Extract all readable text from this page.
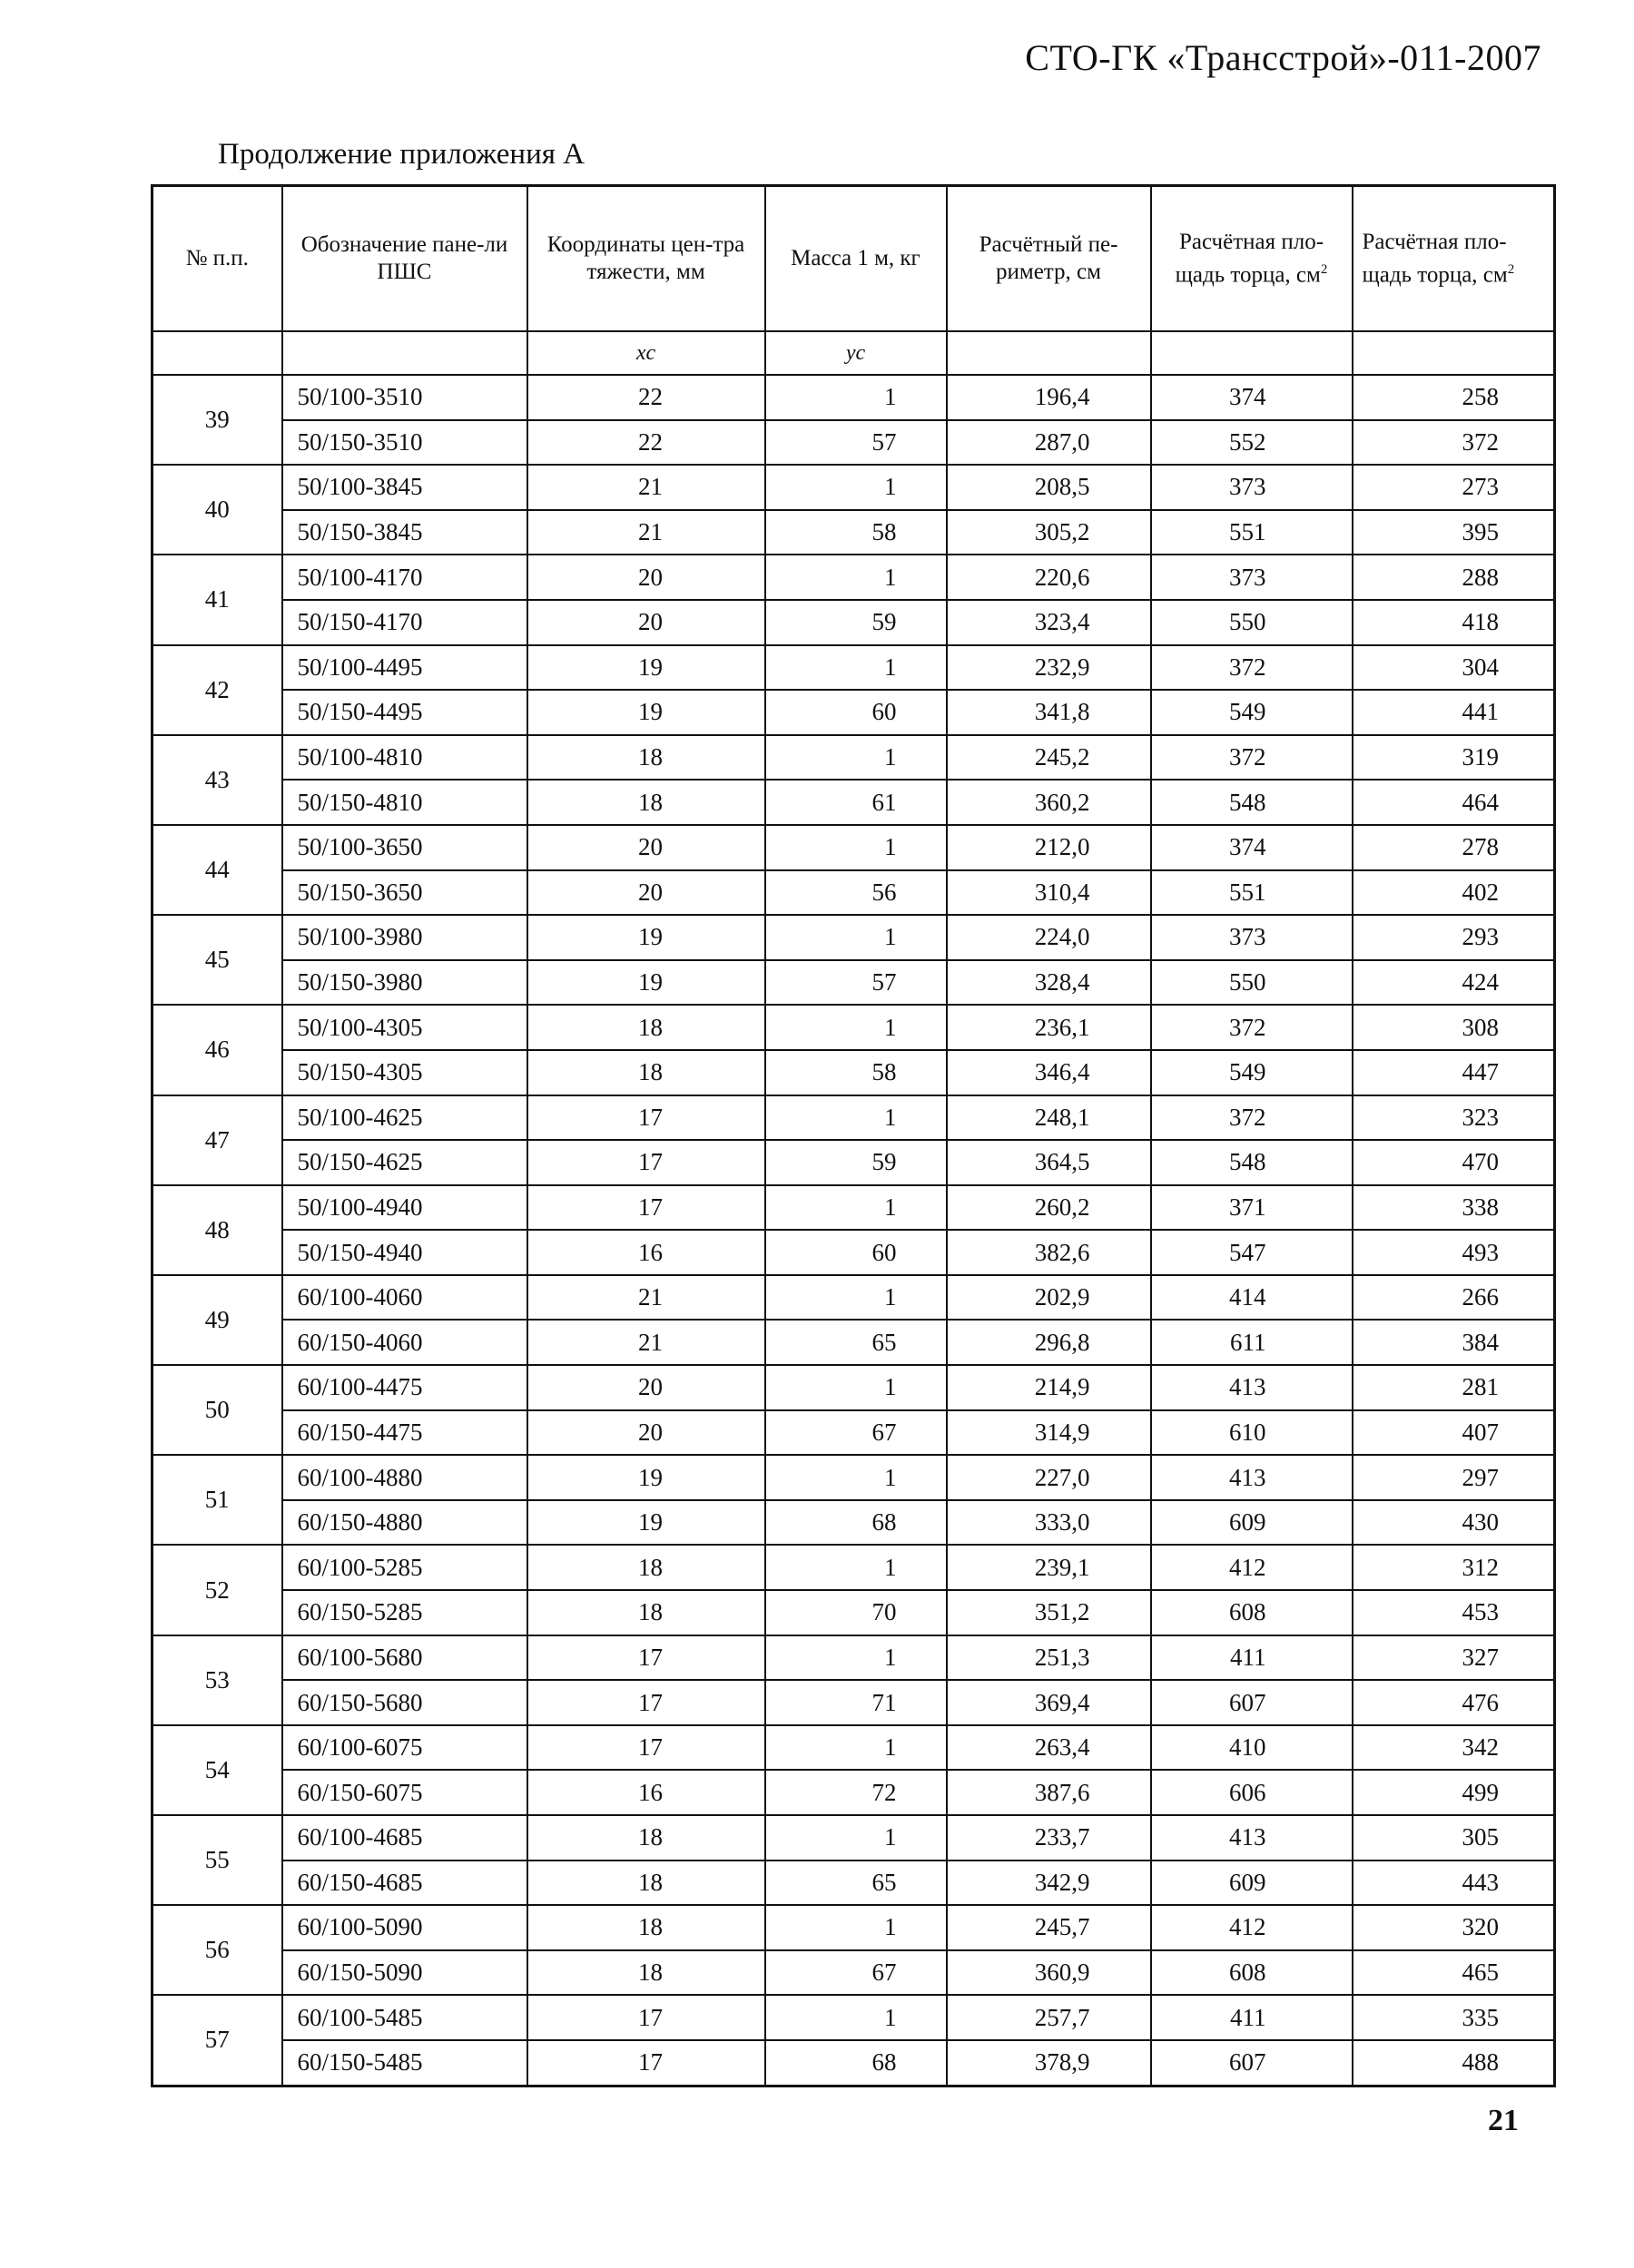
СТО-ГК «Трансстрой»-011-2007
Продолжение приложения А
№ п.п.	Обозначение пане-ли ПШС	Координаты цен-тра тяжести, мм	Масса 1 м, кг	Расчётный пе-риметр, см	Расчётная пло-щадь торца, $см^2$	Расчётная пло-щадь торца, $см^2$
		xc	yc			
39	50/100-3510	22	1	196,4	374	258
	50/150-3510	22	57	287,0	552	372
40	50/100-3845	21	1	208,5	373	273
	50/150-3845	21	58	305,2	551	395
41	50/100-4170	20	1	220,6	373	288
	50/150-4170	20	59	323,4	550	418
42	50/100-4495	19	1	232,9	372	304
	50/150-4495	19	60	341,8	549	441
43	50/100-4810	18	1	245,2	372	319
	50/150-4810	18	61	360,2	548	464
44	50/100-3650	20	1	212,0	374	278
	50/150-3650	20	56	310,4	551	402
45	50/100-3980	19	1	224,0	373	293
	50/150-3980	19	57	328,4	550	424
46	50/100-4305	18	1	236,1	372	308
	50/150-4305	18	58	346,4	549	447
47	50/100-4625	17	1	248,1	372	323
	50/150-4625	17	59	364,5	548	470
48	50/100-4940	17	1	260,2	371	338
	50/150-4940	16	60	382,6	547	493
49	60/100-4060	21	1	202,9	414	266
	60/150-4060	21	65	296,8	611	384
50	60/100-4475	20	1	214,9	413	281
	60/150-4475	20	67	314,9	610	407
51	60/100-4880	19	1	227,0	413	297
	60/150-4880	19	68	333,0	609	430
52	60/100-5285	18	1	239,1	412	312
	60/150-5285	18	70	351,2	608	453
53	60/100-5680	17	1	251,3	411	327
	60/150-5680	17	71	369,4	607	476
54	60/100-6075	17	1	263,4	410	342
	60/150-6075	16	72	387,6	606	499
55	60/100-4685	18	1	233,7	413	305
	60/150-4685	18	65	342,9	609	443
56	60/100-5090	18	1	245,7	412	320
	60/150-5090	18	67	360,9	608	465
57	60/100-5485	17	1	257,7	411	335
	60/150-5485	17	68	378,9	607	488
21
